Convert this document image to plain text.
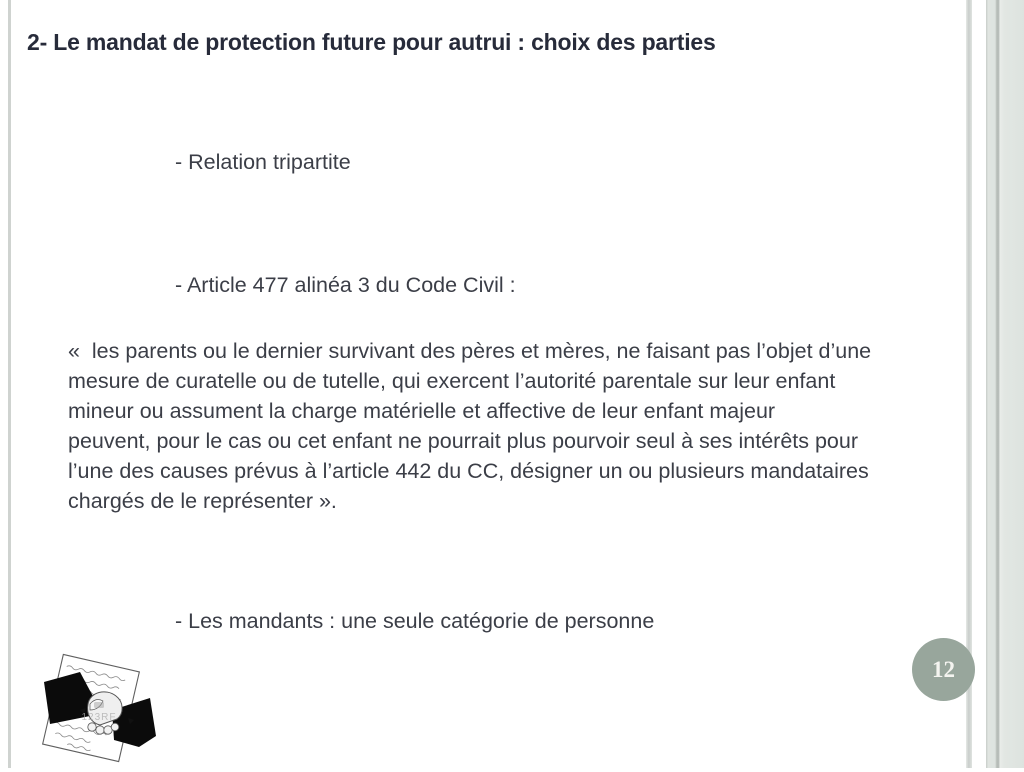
2- Le mandat de protection future pour autrui : choix des parties
- Relation tripartite
- Article 477 alinéa 3 du Code Civil :
«  les parents ou le dernier survivant des pères et mères, ne faisant pas l’objet d’une
mesure de curatelle ou de tutelle, qui exercent l’autorité parentale sur leur enfant
mineur ou assument la charge matérielle et affective de leur enfant majeur
peuvent, pour le cas ou cet enfant ne pourrait plus pourvoir seul à ses intérêts pour
l’une des causes prévus à l’article 442 du CC, désigner un ou plusieurs mandataires
chargés de le représenter ».
- Les mandants : une seule catégorie de personne
123RF
12
